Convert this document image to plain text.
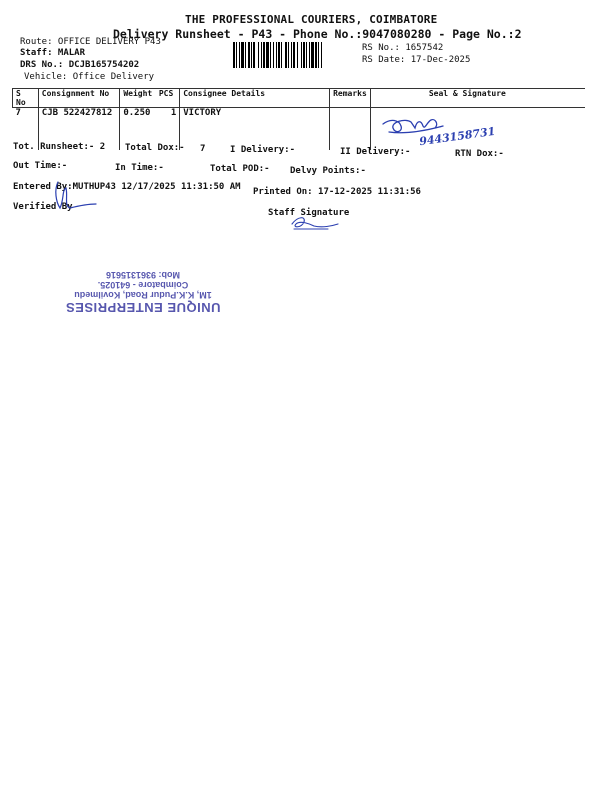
THE PROFESSIONAL COURIERS, COIMBATORE
Delivery Runsheet - P43 - Phone No.:9047080280 - Page No.:2
Route: OFFICE DELIVERY P43
Staff: MALAR
DRS No.: DCJB165754202
Vehicle: Office Delivery
RS No.: 1657542
RS Date: 17-Dec-2025
S No	Consignment No	Weight	PCS	Consignee Details	Remarks	Seal & Signature
7	CJB 522427812	0.250	1	VICTORY		9443158731
Tot. Runsheet:- 2 Total Dox:- 7	I Delivery:-	II Delivery:-	RTN Dox:-
Out Time:-	In Time:-	Total POD:- Delvy Points:-
Entered By:MUTHUP43 12/17/2025 11:31:50 AM Printed On: 17-12-2025 11:31:56
Verified By
Staff Signature
UNIQUE ENTERPRISES
1M, K.K.Pudur Road, Kovilmedu
Coimbatore - 641025.
Mob: 9361315616
